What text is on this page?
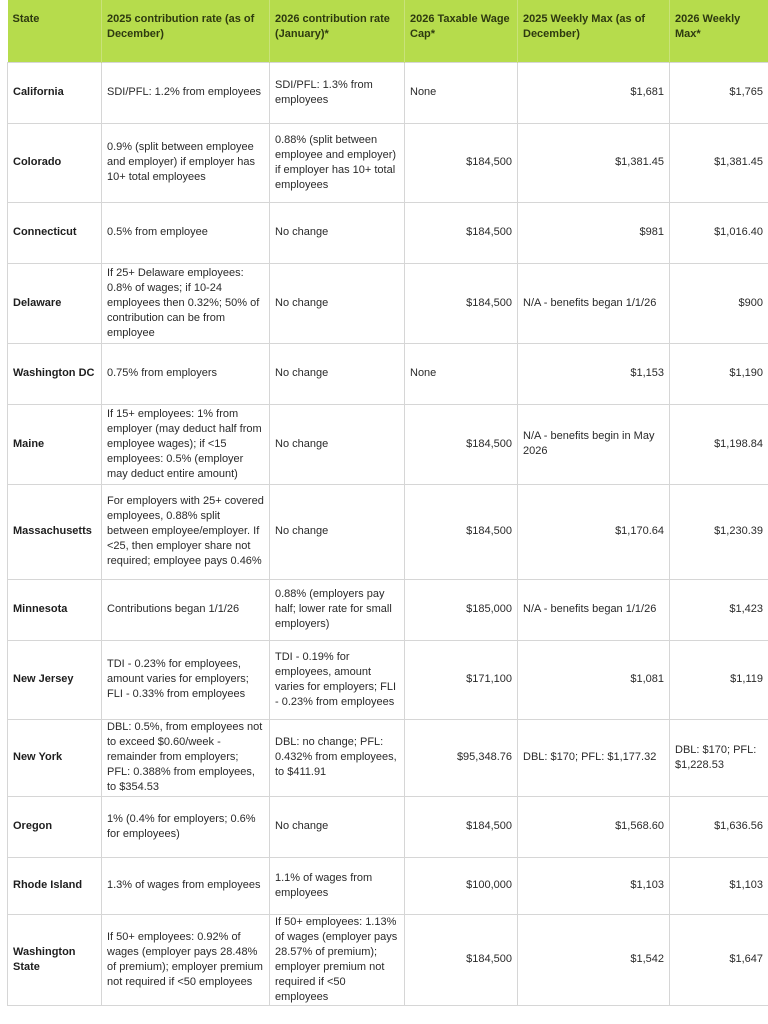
State	2025 contribution rate (as of December)	2026 contribution rate (January)*	2026 Taxable Wage Cap*	2025 Weekly Max (as of December)	2026 Weekly Max*
California	SDI/PFL: 1.2% from employees	SDI/PFL: 1.3% from employees	None	$1,681	$1,765
Colorado	0.9% (split between employee and employer) if employer has 10+ total employees	0.88% (split between employee and employer) if employer has 10+ total employees	$184,500	$1,381.45	$1,381.45
Connecticut	0.5% from employee	No change	$184,500	$981	$1,016.40
Delaware	If 25+ Delaware employees: 0.8% of wages; if 10-24 employees then 0.32%; 50% of contribution can be from employee	No change	$184,500	N/A - benefits began 1/1/26	$900
Washington DC	0.75% from employers	No change	None	$1,153	$1,190
Maine	If 15+ employees: 1% from employer (may deduct half from employee wages); if <15 employees: 0.5% (employer may deduct entire amount)	No change	$184,500	N/A - benefits begin in May 2026	$1,198.84
Massachusetts	For employers with 25+ covered employees, 0.88% split between employee/employer. If <25, then employer share not required; employee pays 0.46%	No change	$184,500	$1,170.64	$1,230.39
Minnesota	Contributions began 1/1/26	0.88% (employers pay half; lower rate for small employers)	$185,000	N/A - benefits began 1/1/26	$1,423
New Jersey	TDI - 0.23% for employees, amount varies for employers; FLI - 0.33% from employees	TDI - 0.19% for employees, amount varies for employers; FLI - 0.23% from employees	$171,100	$1,081	$1,119
New York	DBL: 0.5%, from employees not to exceed $0.60/week - remainder from employers; PFL: 0.388% from employees, to $354.53	DBL: no change; PFL: 0.432% from employees, to $411.91	$95,348.76	DBL: $170; PFL: $1,177.32	DBL: $170; PFL: $1,228.53
Oregon	1% (0.4% for employers; 0.6% for employees)	No change	$184,500	$1,568.60	$1,636.56
Rhode Island	1.3% of wages from employees	1.1% of wages from employees	$100,000	$1,103	$1,103
Washington State	If 50+ employees: 0.92% of wages (employer pays 28.48% of premium); employer premium not required if <50 employees	If 50+ employees: 1.13% of wages (employer pays 28.57% of premium); employer premium not required if <50 employees	$184,500	$1,542	$1,647
